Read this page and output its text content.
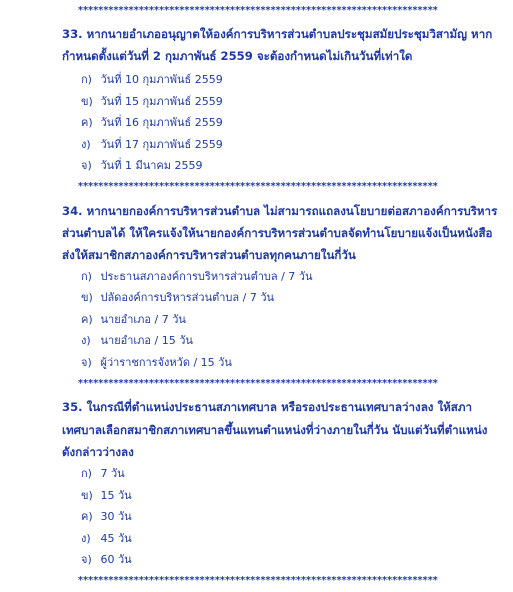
***********************************************************************
33. หากนายอำเภออนุญาตให้องค์การบริหารส่วนตำบลประชุมสมัยประชุมวิสามัญ หาก
กำหนดตั้งแต่วันที่ 2 กุมภาพันธ์ 2559 จะต้องกำหนดไม่เกินวันที่เท่าใด
ก) วันที่ 10 กุมภาพันธ์ 2559
ข) วันที่ 15 กุมภาพันธ์ 2559
ค) วันที่ 16 กุมภาพันธ์ 2559
ง) วันที่ 17 กุมภาพันธ์ 2559
จ) วันที่ 1 มีนาคม 2559
***********************************************************************
34. หากนายกองค์การบริหารส่วนตำบล ไม่สามารถแถลงนโยบายต่อสภาองค์การบริหาร
ส่วนตำบลได้ ให้ใครแจ้งให้นายกองค์การบริหารส่วนตำบลจัดทำนโยบายแจ้งเป็นหนังสือ
ส่งให้สมาชิกสภาองค์การบริหารส่วนตำบลทุกคนภายในกี่วัน
ก) ประธานสภาองค์การบริหารส่วนตำบล / 7 วัน
ข) ปลัดองค์การบริหารส่วนตำบล / 7 วัน
ค) นายอำเภอ / 7 วัน
ง) นายอำเภอ / 15 วัน
จ) ผู้ว่าราชการจังหวัด / 15 วัน
***********************************************************************
35. ในกรณีที่ตำแหน่งประธานสภาเทศบาล หรือรองประธานเทศบาลว่างลง ให้สภา
เทศบาลเลือกสมาชิกสภาเทศบาลขึ้นแทนตำแหน่งที่ว่างภายในกี่วัน นับแต่วันที่ตำแหน่ง
ดังกล่าวว่างลง
ก) 7 วัน
ข) 15 วัน
ค) 30 วัน
ง) 45 วัน
จ) 60 วัน
***********************************************************************
